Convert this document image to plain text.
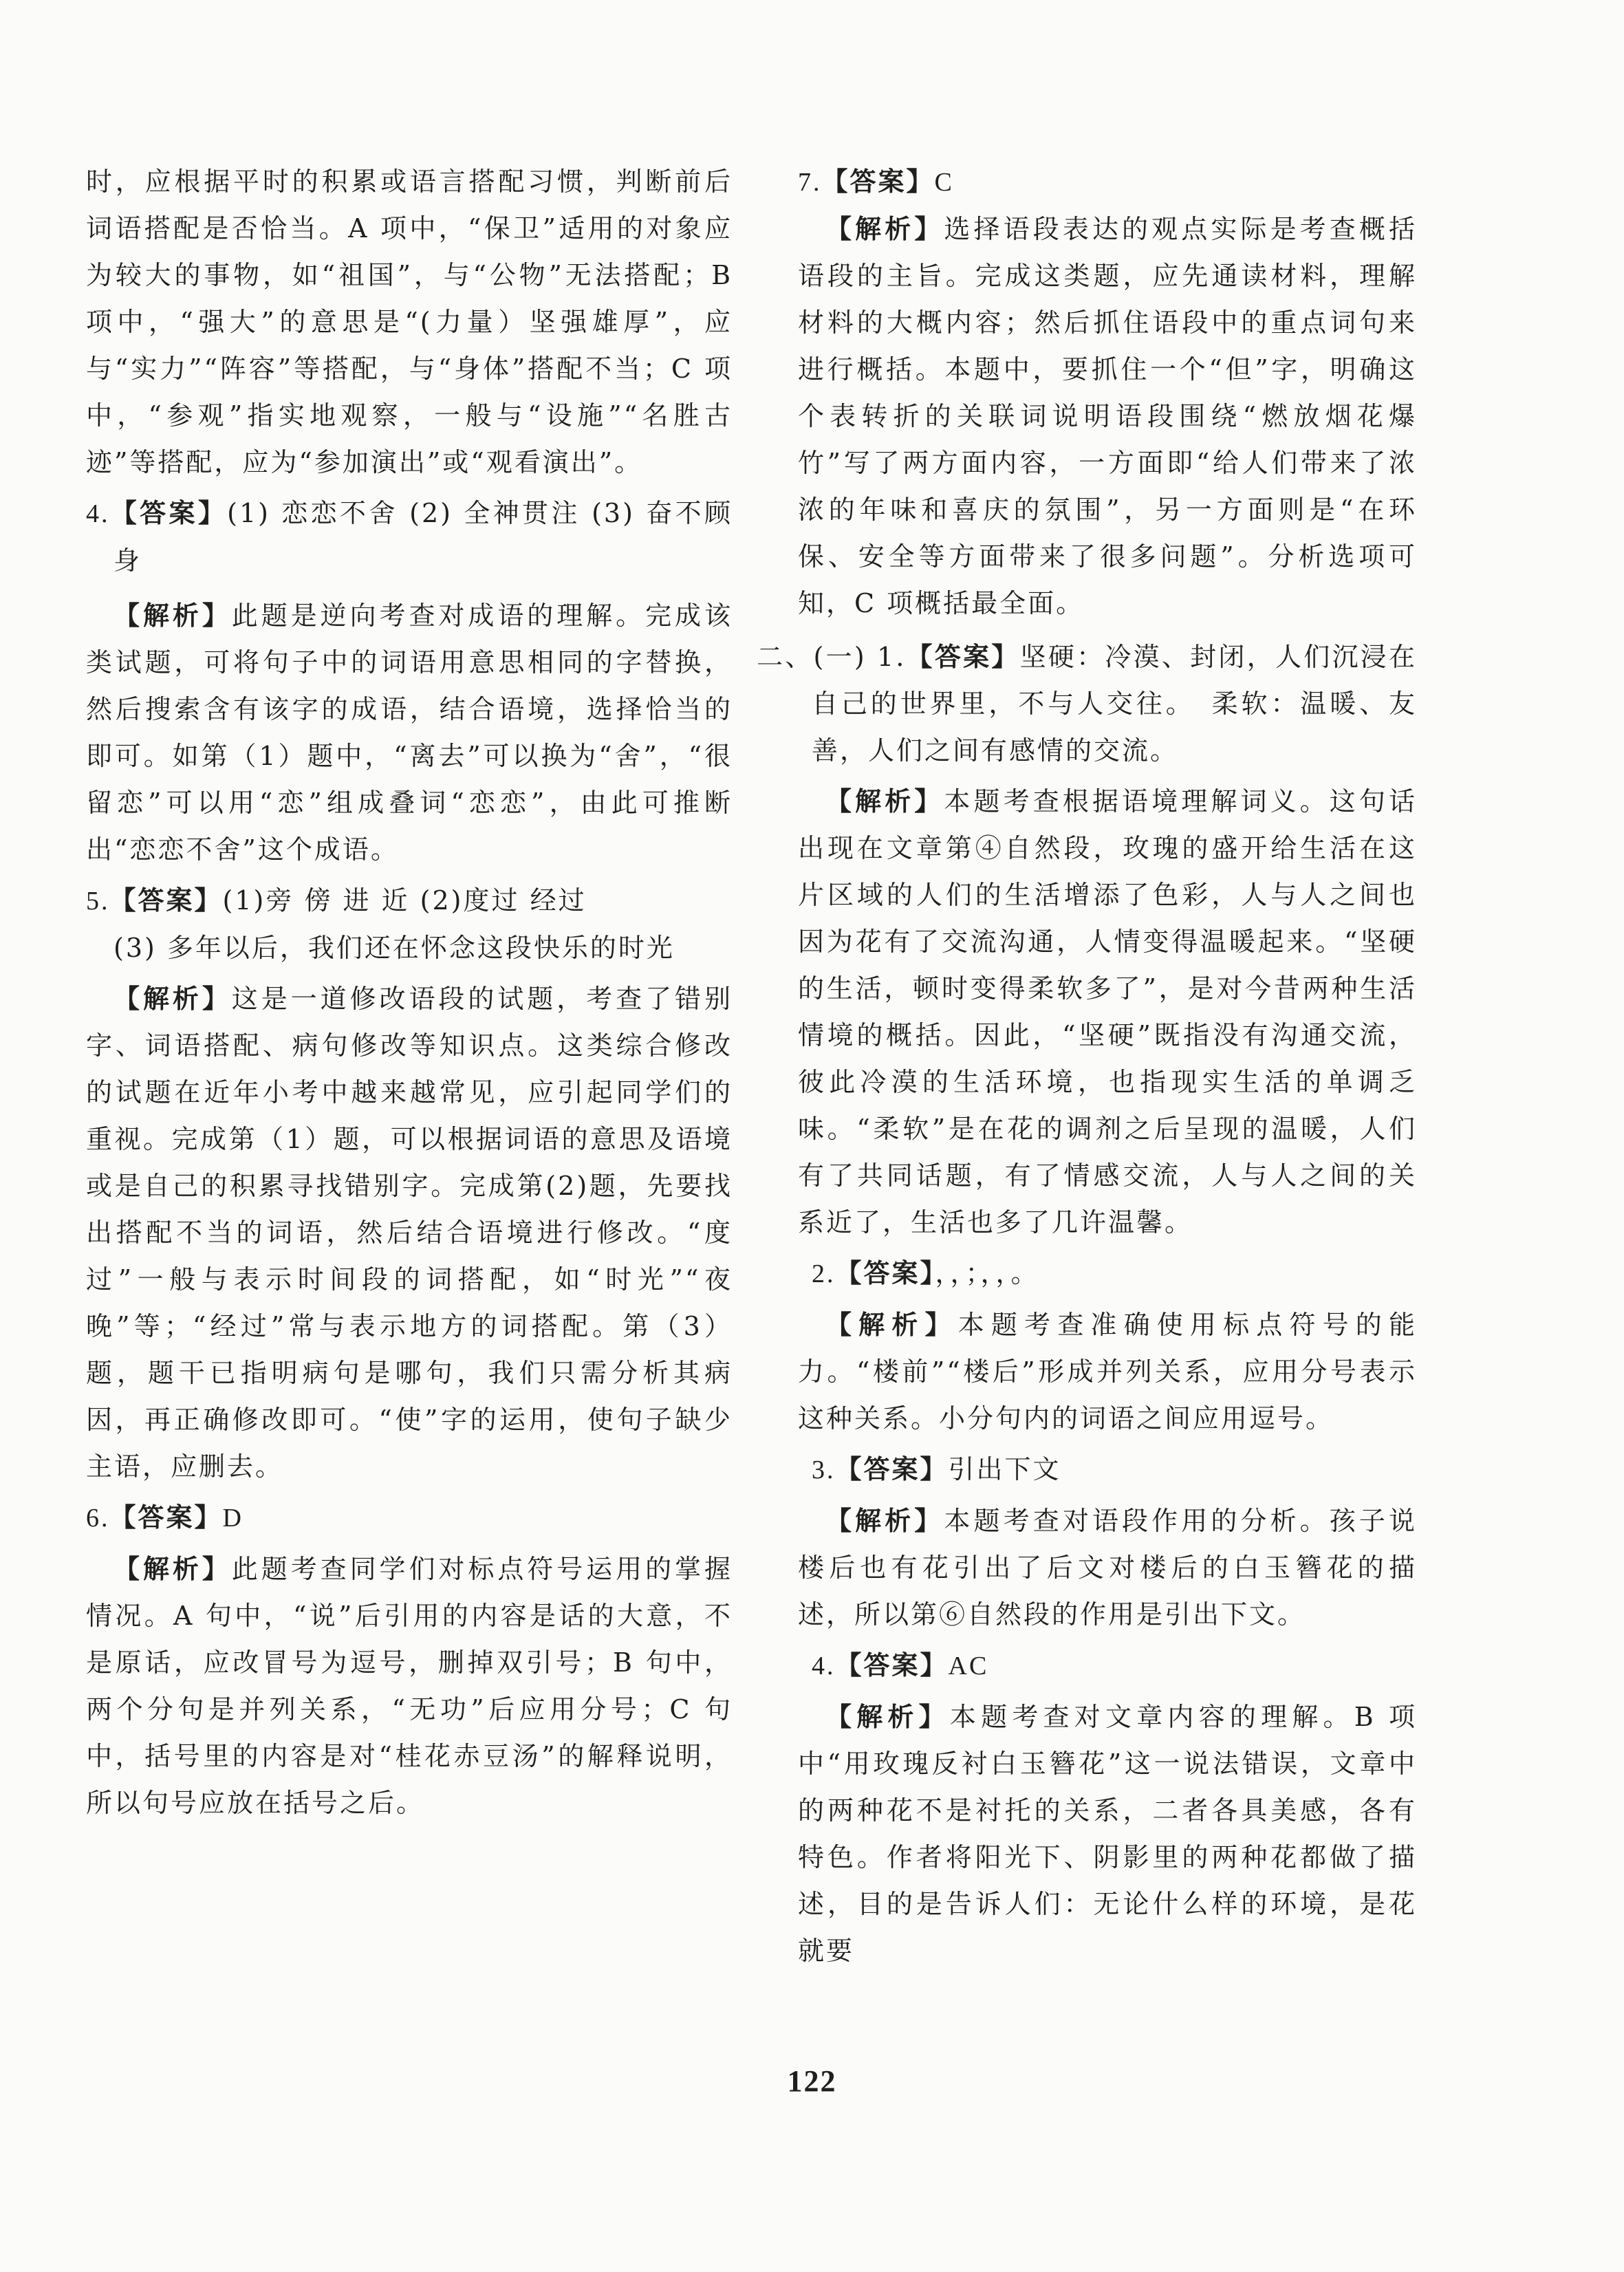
时，应根据平时的积累或语言搭配习惯，判断前后词语搭配是否恰当。A 项中，“保卫”适用的对象应为较大的事物，如“祖国”，与“公物”无法搭配；B 项中，“强大”的意思是“(力量）坚强雄厚”，应与“实力”“阵容”等搭配，与“身体”搭配不当；C 项中，“参观”指实地观察，一般与“设施”“名胜古迹”等搭配，应为“参加演出”或“观看演出”。

4.【答案】(1) 恋恋不舍 (2) 全神贯注 (3) 奋不顾身

【解析】此题是逆向考查对成语的理解。完成该类试题，可将句子中的词语用意思相同的字替换，然后搜索含有该字的成语，结合语境，选择恰当的即可。如第（1）题中，“离去”可以换为“舍”，“很留恋”可以用“恋”组成叠词“恋恋”，由此可推断出“恋恋不舍”这个成语。

5.【答案】(1)旁 傍 进 近 (2)度过 经过

(3) 多年以后，我们还在怀念这段快乐的时光

【解析】这是一道修改语段的试题，考查了错别字、词语搭配、病句修改等知识点。这类综合修改的试题在近年小考中越来越常见，应引起同学们的重视。完成第（1）题，可以根据词语的意思及语境或是自己的积累寻找错别字。完成第(2)题，先要找出搭配不当的词语，然后结合语境进行修改。“度过”一般与表示时间段的词搭配，如“时光”“夜晚”等；“经过”常与表示地方的词搭配。第（3）题，题干已指明病句是哪句，我们只需分析其病因，再正确修改即可。“使”字的运用，使句子缺少主语，应删去。

6.【答案】D

【解析】此题考查同学们对标点符号运用的掌握情况。A 句中，“说”后引用的内容是话的大意，不是原话，应改冒号为逗号，删掉双引号；B 句中，两个分句是并列关系，“无功”后应用分号；C 句中，括号里的内容是对“桂花赤豆汤”的解释说明，所以句号应放在括号之后。

7.【答案】C

【解析】选择语段表达的观点实际是考查概括语段的主旨。完成这类题，应先通读材料，理解材料的大概内容；然后抓住语段中的重点词句来进行概括。本题中，要抓住一个“但”字，明确这个表转折的关联词说明语段围绕“燃放烟花爆竹”写了两方面内容，一方面即“给人们带来了浓浓的年味和喜庆的氛围”，另一方面则是“在环保、安全等方面带来了很多问题”。分析选项可知，C 项概括最全面。

二、(一) 1.【答案】坚硬：冷漠、封闭，人们沉浸在自己的世界里，不与人交往。　柔软：温暖、友善，人们之间有感情的交流。

【解析】本题考查根据语境理解词义。这句话出现在文章第④自然段，玫瑰的盛开给生活在这片区域的人们的生活增添了色彩，人与人之间也因为花有了交流沟通，人情变得温暖起来。“坚硬的生活，顿时变得柔软多了”，是对今昔两种生活情境的概括。因此，“坚硬”既指没有沟通交流，彼此冷漠的生活环境，也指现实生活的单调乏味。“柔软”是在花的调剂之后呈现的温暖，人们有了共同话题，有了情感交流，人与人之间的关系近了，生活也多了几许温馨。

2.【答案】，，；，，。

【解析】本题考查准确使用标点符号的能力。“楼前”“楼后”形成并列关系，应用分号表示这种关系。小分句内的词语之间应用逗号。

3.【答案】引出下文

【解析】本题考查对语段作用的分析。孩子说楼后也有花引出了后文对楼后的白玉簪花的描述，所以第⑥自然段的作用是引出下文。

4.【答案】AC

【解析】本题考查对文章内容的理解。B 项中“用玫瑰反衬白玉簪花”这一说法错误，文章中的两种花不是衬托的关系，二者各具美感，各有特色。作者将阳光下、阴影里的两种花都做了描述，目的是告诉人们：无论什么样的环境，是花就要

122
